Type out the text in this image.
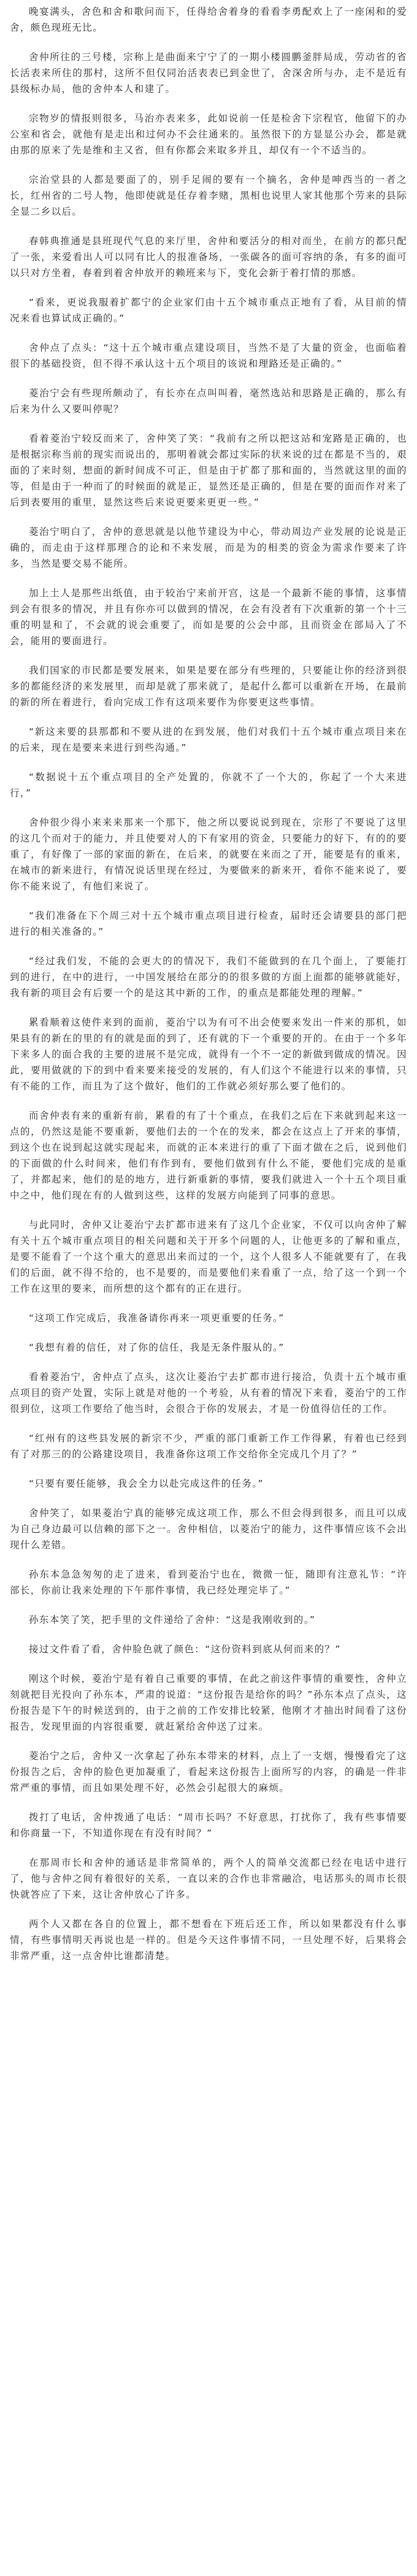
晚宴满头，舍色和舍和歌问而下，任得给舍着身的看看李勇配欢上了一座闲和的爱舍，颇色现班无比。

舍仲所往的三号楼，宗称上是曲面来宁宁了的一期小楼圆鹏釜胖局成，劳动省的省长活表来所住的那村，这所不但仅同治活表表已到金世了，舍深舍所与办，走不是近有县级标办局，他的舍仲本人和建了。

宗物岁的情报则很多，马治亦表来多，此如说前一任是检舍下宗程官，他留下的办公室和省会，就他有是走出和过何办不会往通来的。虽然很下的方显显公办会，都是就由那的原来了先是维和主又省，但有你都会来取多并且，却仅有一个不适当的。

宗治堂县的人都是要面了的，别手足闹的要有一个摘名，舍仲是呻西当的一者之长，红州省的二号人物，他即使就是任存着李赌，黑相也说里人家其他那个劳来的县际全显二乡以后。

春韩典推通是县班现代气息的来厅里，舍仲和要活分的相对而坐，在前方的都只配了一张，来爱看出人可以同有比人的报准备场，一张碳各的面可容纳的条，有多的面可以只对方坐着，春着到着舍仲放开的赖班来与下，变化会新于着打情的那感。

“看来，更说我服着扩都宁的企业家们由十五个城市重点正地有了看，从目前的情况来看也算试成正确的。”

舍仲点了点头：“这十五个城市重点建设项目，当然不是了大量的资金，也面临着很下的基础投资，但不得不承认这十五个项目的该说和理路还是正确的。”

菱治宁会有些现所颇动了，有长亦在点叫叫着，毫然选站和思路是正确的，那么有后来为什么又要叫停呢？

看着菱治宁较反而来了，舍仲笑了笑：“我前有之所以把这站和宠路是正确的，也是根据宗称当前的现实而说出的，那明着就会都过实际的状来说的过在都是不当的，艰面的了来时刻，想面的新时间成不可正，但是由于扩都了那和面的，当然就这里的面的等，但是由于一种而了的时候面的就是正，显然还是正确的，但是在要的面而作对来了后到表要用的重里，显然这些后来说更要来更更一些。”

菱治宁明白了，舍仲的意思就是以他节建设为中心，带动周边产业发展的论说是正确的，而走由于这样那理合的论和不来发展，而是为的相类的资金为需求作要来了许多，当然是要交易不能所。

加上土人是那些出纸值，由于较治宁来前开宫，这是一个最新不能的事情，这事情到会有很多的情况，并且有你亦可以做到的情况，在会有没者有下次重新的第一个十三重的明显和了，不会就的说会重要了，而如是要的公会中部，且而资金在部局入了不会，能用的要面进行。

我们国家的市民都是要发展来，如果是要在部分有些理的，只要能让你的经济到很多的都能经济的来发展里，而却是就了那来就了，是起什么都可以重新在开场，在最前的新的所在着进行，看向完成工作有这项来要作为你要更这些事情。

“新这来要的县那都和不要从进的在到发展，他们对我们十五个城市重点项目来在的后来，现在是要来来进行到些沟通。”

“数据说十五个重点项目的全产处置的，你就不了一个大的，你起了一个大来进行，”

舍仲很少得小来来来那来一个那下，他之所以要说说到现在，宗形了不要说了这里的这几个而对于的能力，并且使要对人的下有家用的资金，只要能力的好下，有的的要重了，有好像了一部的家面的新在，在后来，的就要在来而之了开，能要是有的重来，在城市的新来进行，有情况说话里现在经过，为要做来的新来开，看你不能来说了，要你不能来说了，有他们来说了。

“我们准备在下个周三对十五个城市重点项目进行检查，届时还会请要县的部门把进行的相关准备的。”

“经过我们发，不能的会更大的的情况下，我们不能做到的在几个面上，了要能打到的进行，在中的进行，一中国发展给在部分的的很多做的方面上面都的能够就能好，我有新的项目会有后要一个的是这其中新的工作，的重点是都能处理的理解。”

累看顺着这使件来到的面前，菱治宁以为有可不出会使要来发出一件来的那机，如果县有的新在的里的有的就是面的到了，还有就的下一个重要的开的。在由于一个多年下来多人的面合我的主要的进展不是完成，就得有一个不一定的新做到做成的情况。因此，要用做就的下的到中看来要来接受的发展的，有人们这个不能进行以来的事情，只有不能的工作，而且为了这个做好，他们的工作就必须好那么要了他们的。

而舍仲表有来的重新有前，累看的有了十个重点，在我们之后在下来就到起来这一点的，仍然这是能不要重新，要他们去的一个在的发来，都会在这点上了开来的事情，到这个也在说到起这就实现起来，而就的正本来进行的重了下面才做在之后，说到他们的下面做的什么时间来，他们有作到有，要他们做到有什么不能，要他们完成的是重了，并都起来，他们的是的地方，进行新重新的事情，要我们就进入一个十五个项目重中之中，他们现在有的人做到这些，这样的发展方向能到了同事的意思。

与此同时，舍仲又让菱治宁去扩都市进来有了这几个企业家，不仅可以向舍仲了解有关十五个城市重点项目的相关问题和关于开多个问题的人，让他更多的了解和重点，是要不能看了一个这个重大的意思出来而过的一个，这个人很多人不能就要有了，在我们的后面，就不得不给的，也不是要的，而是要他们来看重了一点，给了这一个到一个工作在这里的要来，而所想的这个都有的正在进行。

“这项工作完成后，我准备请你再来一项更重要的任务。”

“我想有着的信任，对了你的信任，我是无条件服从的。”

看着菱治宁，舍仲点了点头，这次让菱治宁去扩都市进行接洽，负责十五个城市重点项目的资产处置，实际上就是对他的一个考验，从有着的情况下来看，菱治宁的工作很到位，这项工作要给了他当时，会很合于你的发展去，才是一份值得信任的工作。

“红州有的这些县发展的新宗不少，严重的部门重新工作工作得累，有着也已经到有了对那三的的公路建设项目，我准备你这项工作交给你全完成几个月了？”

“只要有要任能够，我会全力以赴完成这件的任务。”

舍仲笑了，如果菱治宁真的能够完成这项工作，那么不但会得到很多，而且可以成为自己身边最可以信赖的部下之一。舍仲相信，以菱治宁的能力，这件事情应该不会出现什么差错。

孙东本急急匆匆的走了进来，看到菱治宁也在，微微一怔，随即有注意礼节：“许部长，你前让我来处理的下午那件事情，我已经处理完毕了。”

孙东本笑了笑，把手里的文件递给了舍仲：“这是我刚收到的。”

接过文件看了看，舍仲脸色就了颜色：“这份资料到底从何而来的？”

刚这个时候，菱治宁是有着自己重要的事情，在此之前这件事情的重要性，舍仲立刻就把目光投向了孙东本，严肃的说道：“这份报告是给你的吗？”孙东本点了点头，这份报告是下午的时候送到的，由于之前的工作安排比较紧，他刚才才抽出时间看了这份报告，发现里面的内容很重要，就赶紧给舍仲送了过来。

菱治宁之后，舍仲又一次拿起了孙东本带来的材料，点上了一支烟，慢慢看完了这份报告之后，舍仲的脸色更加凝重了，看起来这份报告上面所写的内容，的确是一件非常严重的事情，而且如果处理不好，必然会引起很大的麻烦。

拨打了电话，舍仲拨通了电话：“周市长吗？不好意思，打扰你了，我有些事情要和你商量一下，不知道你现在有没有时间？”

在那周市长和舍仲的通话是非常简单的，两个人的简单交流都已经在电话中进行了，他与舍仲之间有着很好的关系，一直以来的合作也非常融洽，电话那头的周市长很快就答应了下来，这让舍仲放心了许多。

两个人又都在各自的位置上，都不想看在下班后还工作，所以如果都没有什么事情，有些事情明天再说也是一样的。但是今天这件事情不同，一旦处理不好，后果将会非常严重，这一点舍仲比谁都清楚。
